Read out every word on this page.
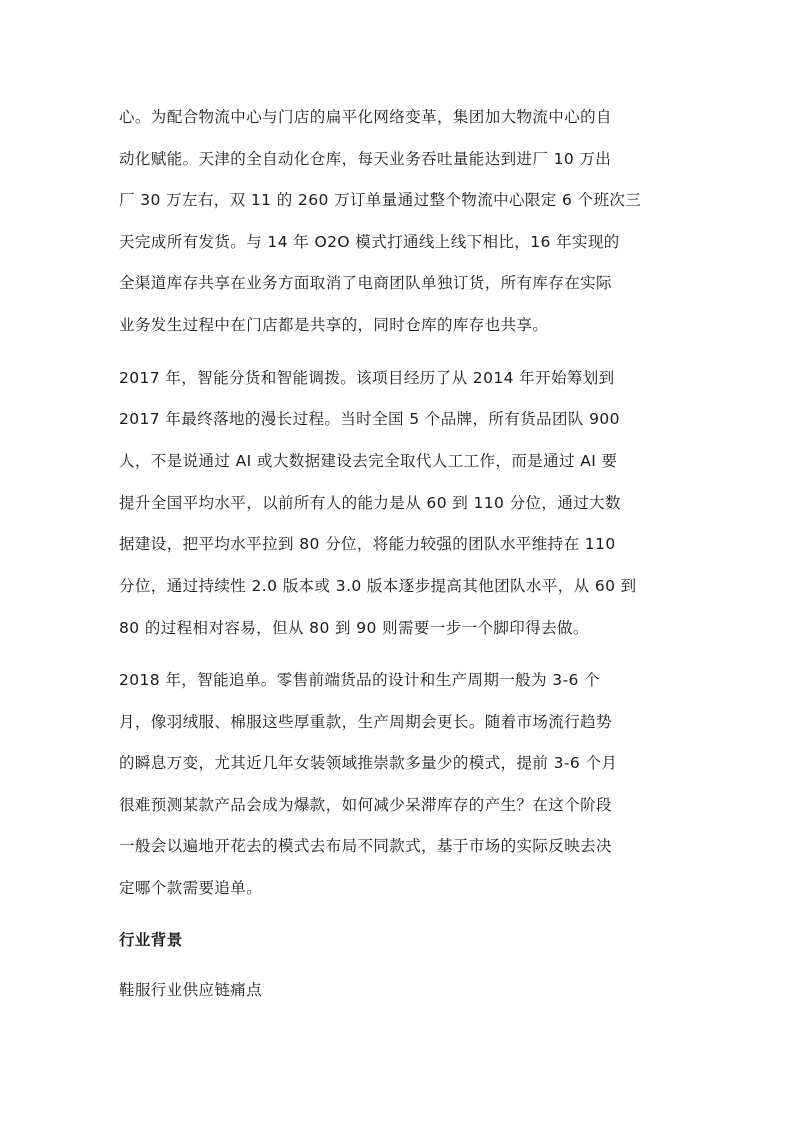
心。为配合物流中心与门店的扁平化网络变革，集团加大物流中心的自
动化赋能。天津的全自动化仓库，每天业务吞吐量能达到进厂 10 万出
厂 30 万左右，双 11 的 260 万订单量通过整个物流中心限定 6 个班次三
天完成所有发货。与 14 年 O2O 模式打通线上线下相比，16 年实现的
全渠道库存共享在业务方面取消了电商团队单独订货，所有库存在实际
业务发生过程中在门店都是共享的，同时仓库的库存也共享。
2017 年，智能分货和智能调拨。该项目经历了从 2014 年开始筹划到
2017 年最终落地的漫长过程。当时全国 5 个品牌，所有货品团队 900
人，不是说通过 AI 或大数据建设去完全取代人工工作，而是通过 AI 要
提升全国平均水平，以前所有人的能力是从 60 到 110 分位，通过大数
据建设，把平均水平拉到 80 分位，将能力较强的团队水平维持在 110
分位，通过持续性 2.0 版本或 3.0 版本逐步提高其他团队水平，从 60 到
80 的过程相对容易，但从 80 到 90 则需要一步一个脚印得去做。
2018 年，智能追单。零售前端货品的设计和生产周期一般为 3-6 个
月，像羽绒服、棉服这些厚重款，生产周期会更长。随着市场流行趋势
的瞬息万变，尤其近几年女装领域推崇款多量少的模式，提前 3-6 个月
很难预测某款产品会成为爆款，如何减少呆滞库存的产生？在这个阶段
一般会以遍地开花去的模式去布局不同款式，基于市场的实际反映去决
定哪个款需要追单。
行业背景
鞋服行业供应链痛点
